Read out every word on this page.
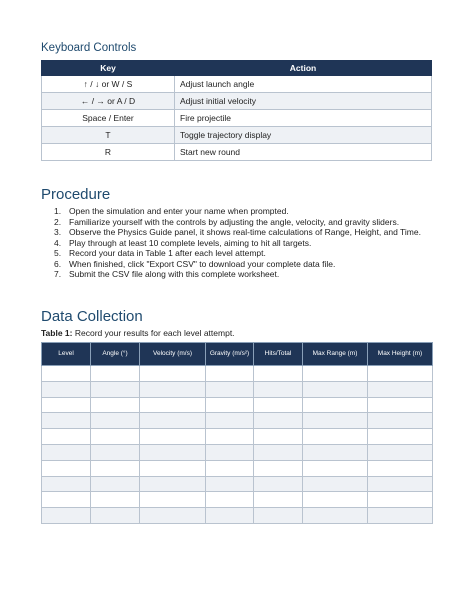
Keyboard Controls
Key	Action
↑ / ↓ or W / S	Adjust launch angle
← / → or A / D	Adjust initial velocity
Space / Enter	Fire projectile
T	Toggle trajectory display
R	Start new round
Procedure
1. Open the simulation and enter your name when prompted.
2. Familiarize yourself with the controls by adjusting the angle, velocity, and gravity sliders.
3. Observe the Physics Guide panel, it shows real-time calculations of Range, Height, and Time.
4. Play through at least 10 complete levels, aiming to hit all targets.
5. Record your data in Table 1 after each level attempt.
6. When finished, click "Export CSV" to download your complete data file.
7. Submit the CSV file along with this complete worksheet.
Data Collection
Table 1: Record your results for each level attempt.
Level	Angle (°)	Velocity (m/s)	Gravity (m/s²)	Hits/Total	Max Range (m)	Max Height (m)
